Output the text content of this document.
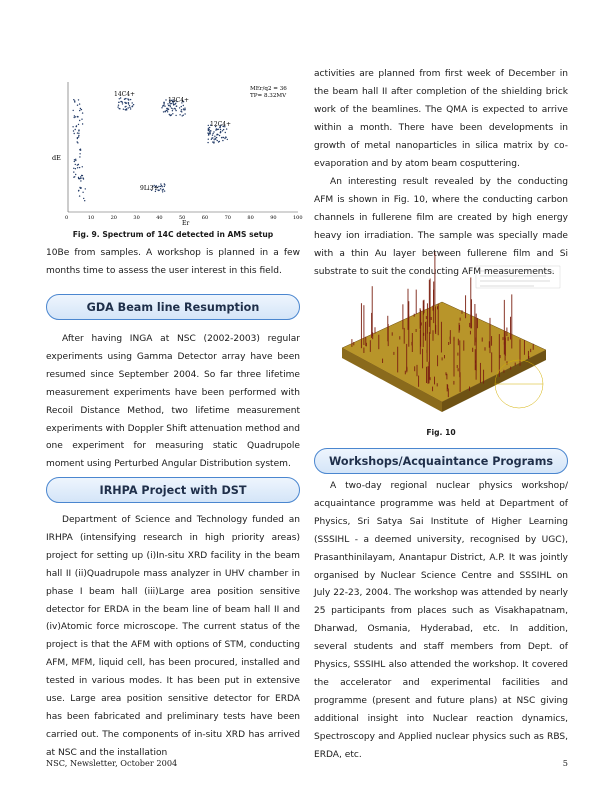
dE
14C4+
13C4+
12C4+
9Li3+
MEr/q2 = 36
TP= 8.32MV
0	10	20	30	40	50	60	70	80	90	100
Er

Fig. 9. Spectrum of 14C detected in AMS setup

10Be from samples. A workshop is planned in a few months time to assess the user interest in this field.

GDA Beam line Resumption

After having INGA at NSC (2002-2003) regular experiments using Gamma Detector array have been resumed since September 2004. So far three lifetime measurement experiments have been performed with Recoil Distance Method, two lifetime measurement experiments with Doppler Shift attenuation method and one experiment for measuring static Quadrupole moment using Perturbed Angular Distribution system.

IRHPA Project with DST

Department of Science and Technology funded an IRHPA (intensifying research in high priority areas) project for setting up (i)In-situ XRD facility in the beam hall II (ii)Quadrupole mass analyzer in UHV chamber in phase I beam hall (iii)Large area position sensitive detector for ERDA in the beam line of beam hall II and (iv)Atomic force microscope. The current status of the project is that the AFM with options of STM, conducting AFM, MFM, liquid cell, has been procured, installed and tested in various modes. It has been put in extensive use. Large area position sensitive detector for ERDA has been fabricated and preliminary tests have been carried out. The components of in-situ XRD has arrived at NSC and the installation

activities are planned from first week of December in the beam hall II after completion of the shielding brick work of the beamlines. The QMA is expected to arrive within a month. There have been developments in growth of metal nanoparticles in silica matrix by co-evaporation and by atom beam cosputtering.

An interesting result revealed by the conducting AFM is shown in Fig. 10, where the conducting carbon channels in fullerene film are created by high energy heavy ion irradiation. The sample was specially made with a thin Au layer between fullerene film and Si substrate to suit the conducting AFM measurements.

Fig. 10

Workshops/Acquaintance Programs

A two-day regional nuclear physics workshop/ acquaintance programme was held at Department of Physics, Sri Satya Sai Institute of Higher Learning (SSSIHL - a deemed university, recognised by UGC), Prasanthinilayam, Anantapur District, A.P. It was jointly organised by Nuclear Science Centre and SSSIHL on July 22-23, 2004. The workshop was attended by nearly 25 participants from places such as Visakhapatnam, Dharwad, Osmania, Hyderabad, etc. In addition, several students and staff members from Dept. of Physics, SSSIHL also attended the workshop. It covered the accelerator and experimental facilities and programme (present and future plans) at NSC giving additional insight into Nuclear reaction dynamics, Spectroscopy and Applied nuclear physics such as RBS, ERDA, etc.

NSC, Newsletter, October 2004	5
